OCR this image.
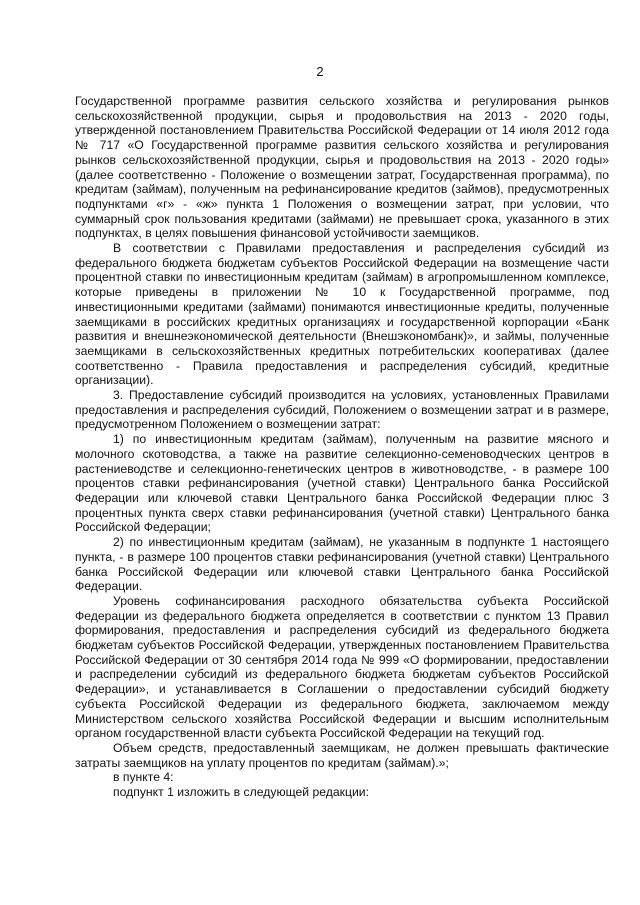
2

Государственной программе развития сельского хозяйства и регулирования рынков сельскохозяйственной продукции, сырья и продовольствия на 2013 - 2020 годы, утвержденной постановлением Правительства Российской Федерации от 14 июля 2012 года № 717 «О Государственной программе развития сельского хозяйства и регулирования рынков сельскохозяйственной продукции, сырья и продовольствия на 2013 - 2020 годы» (далее соответственно - Положение о возмещении затрат, Государственная программа), по кредитам (займам), полученным на рефинансирование кредитов (займов), предусмотренных подпунктами «г» - «ж» пункта 1 Положения о возмещении затрат, при условии, что суммарный срок пользования кредитами (займами) не превышает срока, указанного в этих подпунктах, в целях повышения финансовой устойчивости заемщиков.

В соответствии с Правилами предоставления и распределения субсидий из федерального бюджета бюджетам субъектов Российской Федерации на возмещение части процентной ставки по инвестиционным кредитам (займам) в агропромышленном комплексе, которые приведены в приложении № 10 к Государственной программе, под инвестиционными кредитами (займами) понимаются инвестиционные кредиты, полученные заемщиками в российских кредитных организациях и государственной корпорации «Банк развития и внешнеэкономической деятельности (Внешэкономбанк)», и займы, полученные заемщиками в сельскохозяйственных кредитных потребительских кооперативах (далее соответственно - Правила предоставления и распределения субсидий, кредитные организации).

3. Предоставление субсидий производится на условиях, установленных Правилами предоставления и распределения субсидий, Положением о возмещении затрат и в размере, предусмотренном Положением о возмещении затрат:

1) по инвестиционным кредитам (займам), полученным на развитие мясного и молочного скотоводства, а также на развитие селекционно-семеноводческих центров в растениеводстве и селекционно-генетических центров в животноводстве, - в размере 100 процентов ставки рефинансирования (учетной ставки) Центрального банка Российской Федерации или ключевой ставки Центрального банка Российской Федерации плюс 3 процентных пункта сверх ставки рефинансирования (учетной ставки) Центрального банка Российской Федерации;

2) по инвестиционным кредитам (займам), не указанным в подпункте 1 настоящего пункта, - в размере 100 процентов ставки рефинансирования (учетной ставки) Центрального банка Российской Федерации или ключевой ставки Центрального банка Российской Федерации.

Уровень софинансирования расходного обязательства субъекта Российской Федерации из федерального бюджета определяется в соответствии с пунктом 13 Правил формирования, предоставления и распределения субсидий из федерального бюджета бюджетам субъектов Российской Федерации, утвержденных постановлением Правительства Российской Федерации от 30 сентября 2014 года № 999 «О формировании, предоставлении и распределении субсидий из федерального бюджета бюджетам субъектов Российской Федерации», и устанавливается в Соглашении о предоставлении субсидий бюджету субъекта Российской Федерации из федерального бюджета, заключаемом между Министерством сельского хозяйства Российской Федерации и высшим исполнительным органом государственной власти субъекта Российской Федерации на текущий год.

Объем средств, предоставленный заемщикам, не должен превышать фактические затраты заемщиков на уплату процентов по кредитам (займам).»;

в пункте 4:

подпункт 1 изложить в следующей редакции:
